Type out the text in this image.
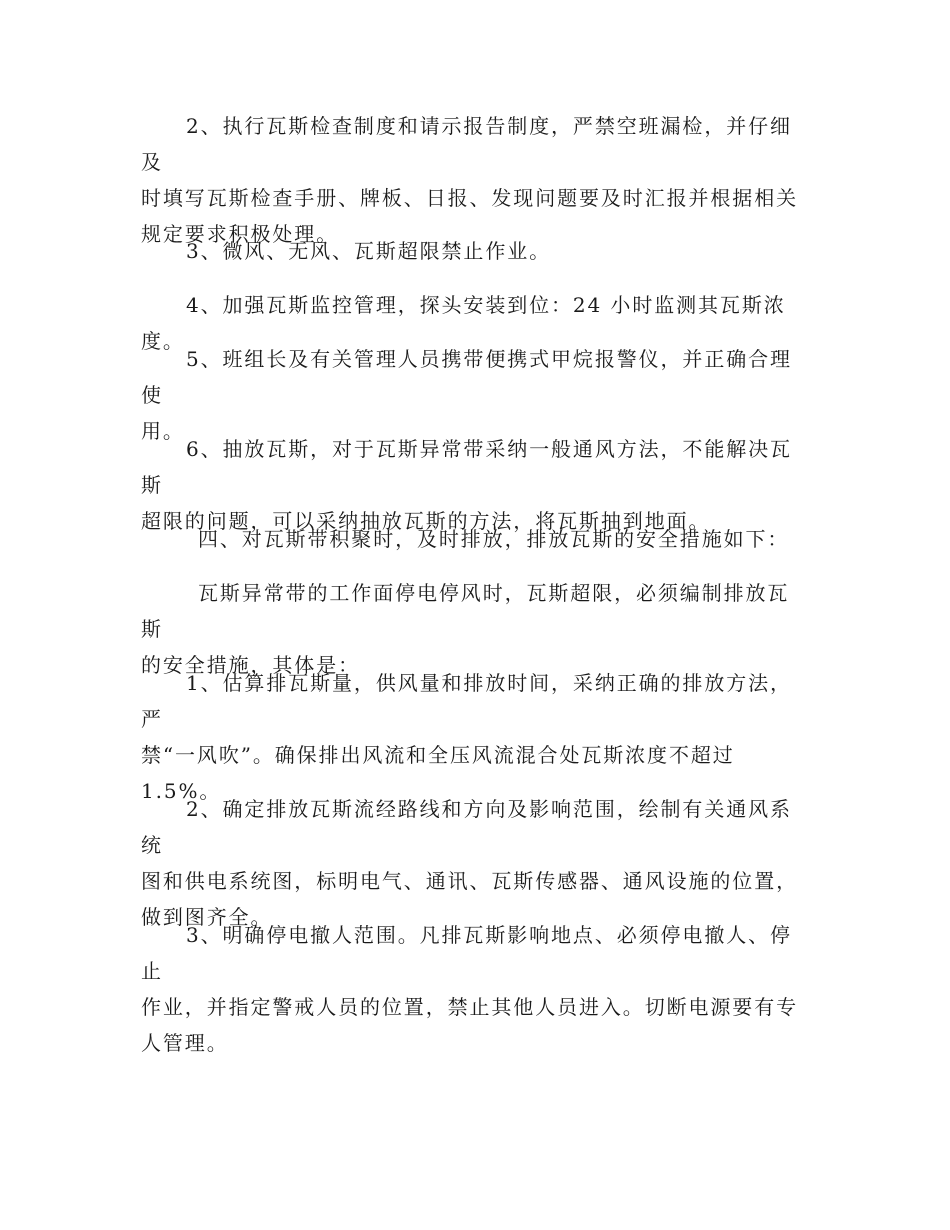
2、执行瓦斯检查制度和请示报告制度，严禁空班漏检，并仔细及
时填写瓦斯检查手册、牌板、日报、发现问题要及时汇报并根据相关
规定要求积极处理。

3、微风、无风、瓦斯超限禁止作业。

4、加强瓦斯监控管理，探头安装到位：24 小时监测其瓦斯浓度。

5、班组长及有关管理人员携带便携式甲烷报警仪，并正确合理使
用。

6、抽放瓦斯，对于瓦斯异常带采纳一般通风方法，不能解决瓦斯
超限的问题，可以采纳抽放瓦斯的方法，将瓦斯抽到地面。

四、对瓦斯带积聚时，及时排放，排放瓦斯的安全措施如下：

瓦斯异常带的工作面停电停风时，瓦斯超限，必须编制排放瓦斯
的安全措施，其体是：

1、估算排瓦斯量，供风量和排放时间，采纳正确的排放方法，严
禁“一风吹”。确保排出风流和全压风流混合处瓦斯浓度不超过
1.5%。

2、确定排放瓦斯流经路线和方向及影响范围，绘制有关通风系统
图和供电系统图，标明电气、通讯、瓦斯传感器、通风设施的位置，
做到图齐全。

3、明确停电撤人范围。凡排瓦斯影响地点、必须停电撤人、停止
作业，并指定警戒人员的位置，禁止其他人员进入。切断电源要有专
人管理。
